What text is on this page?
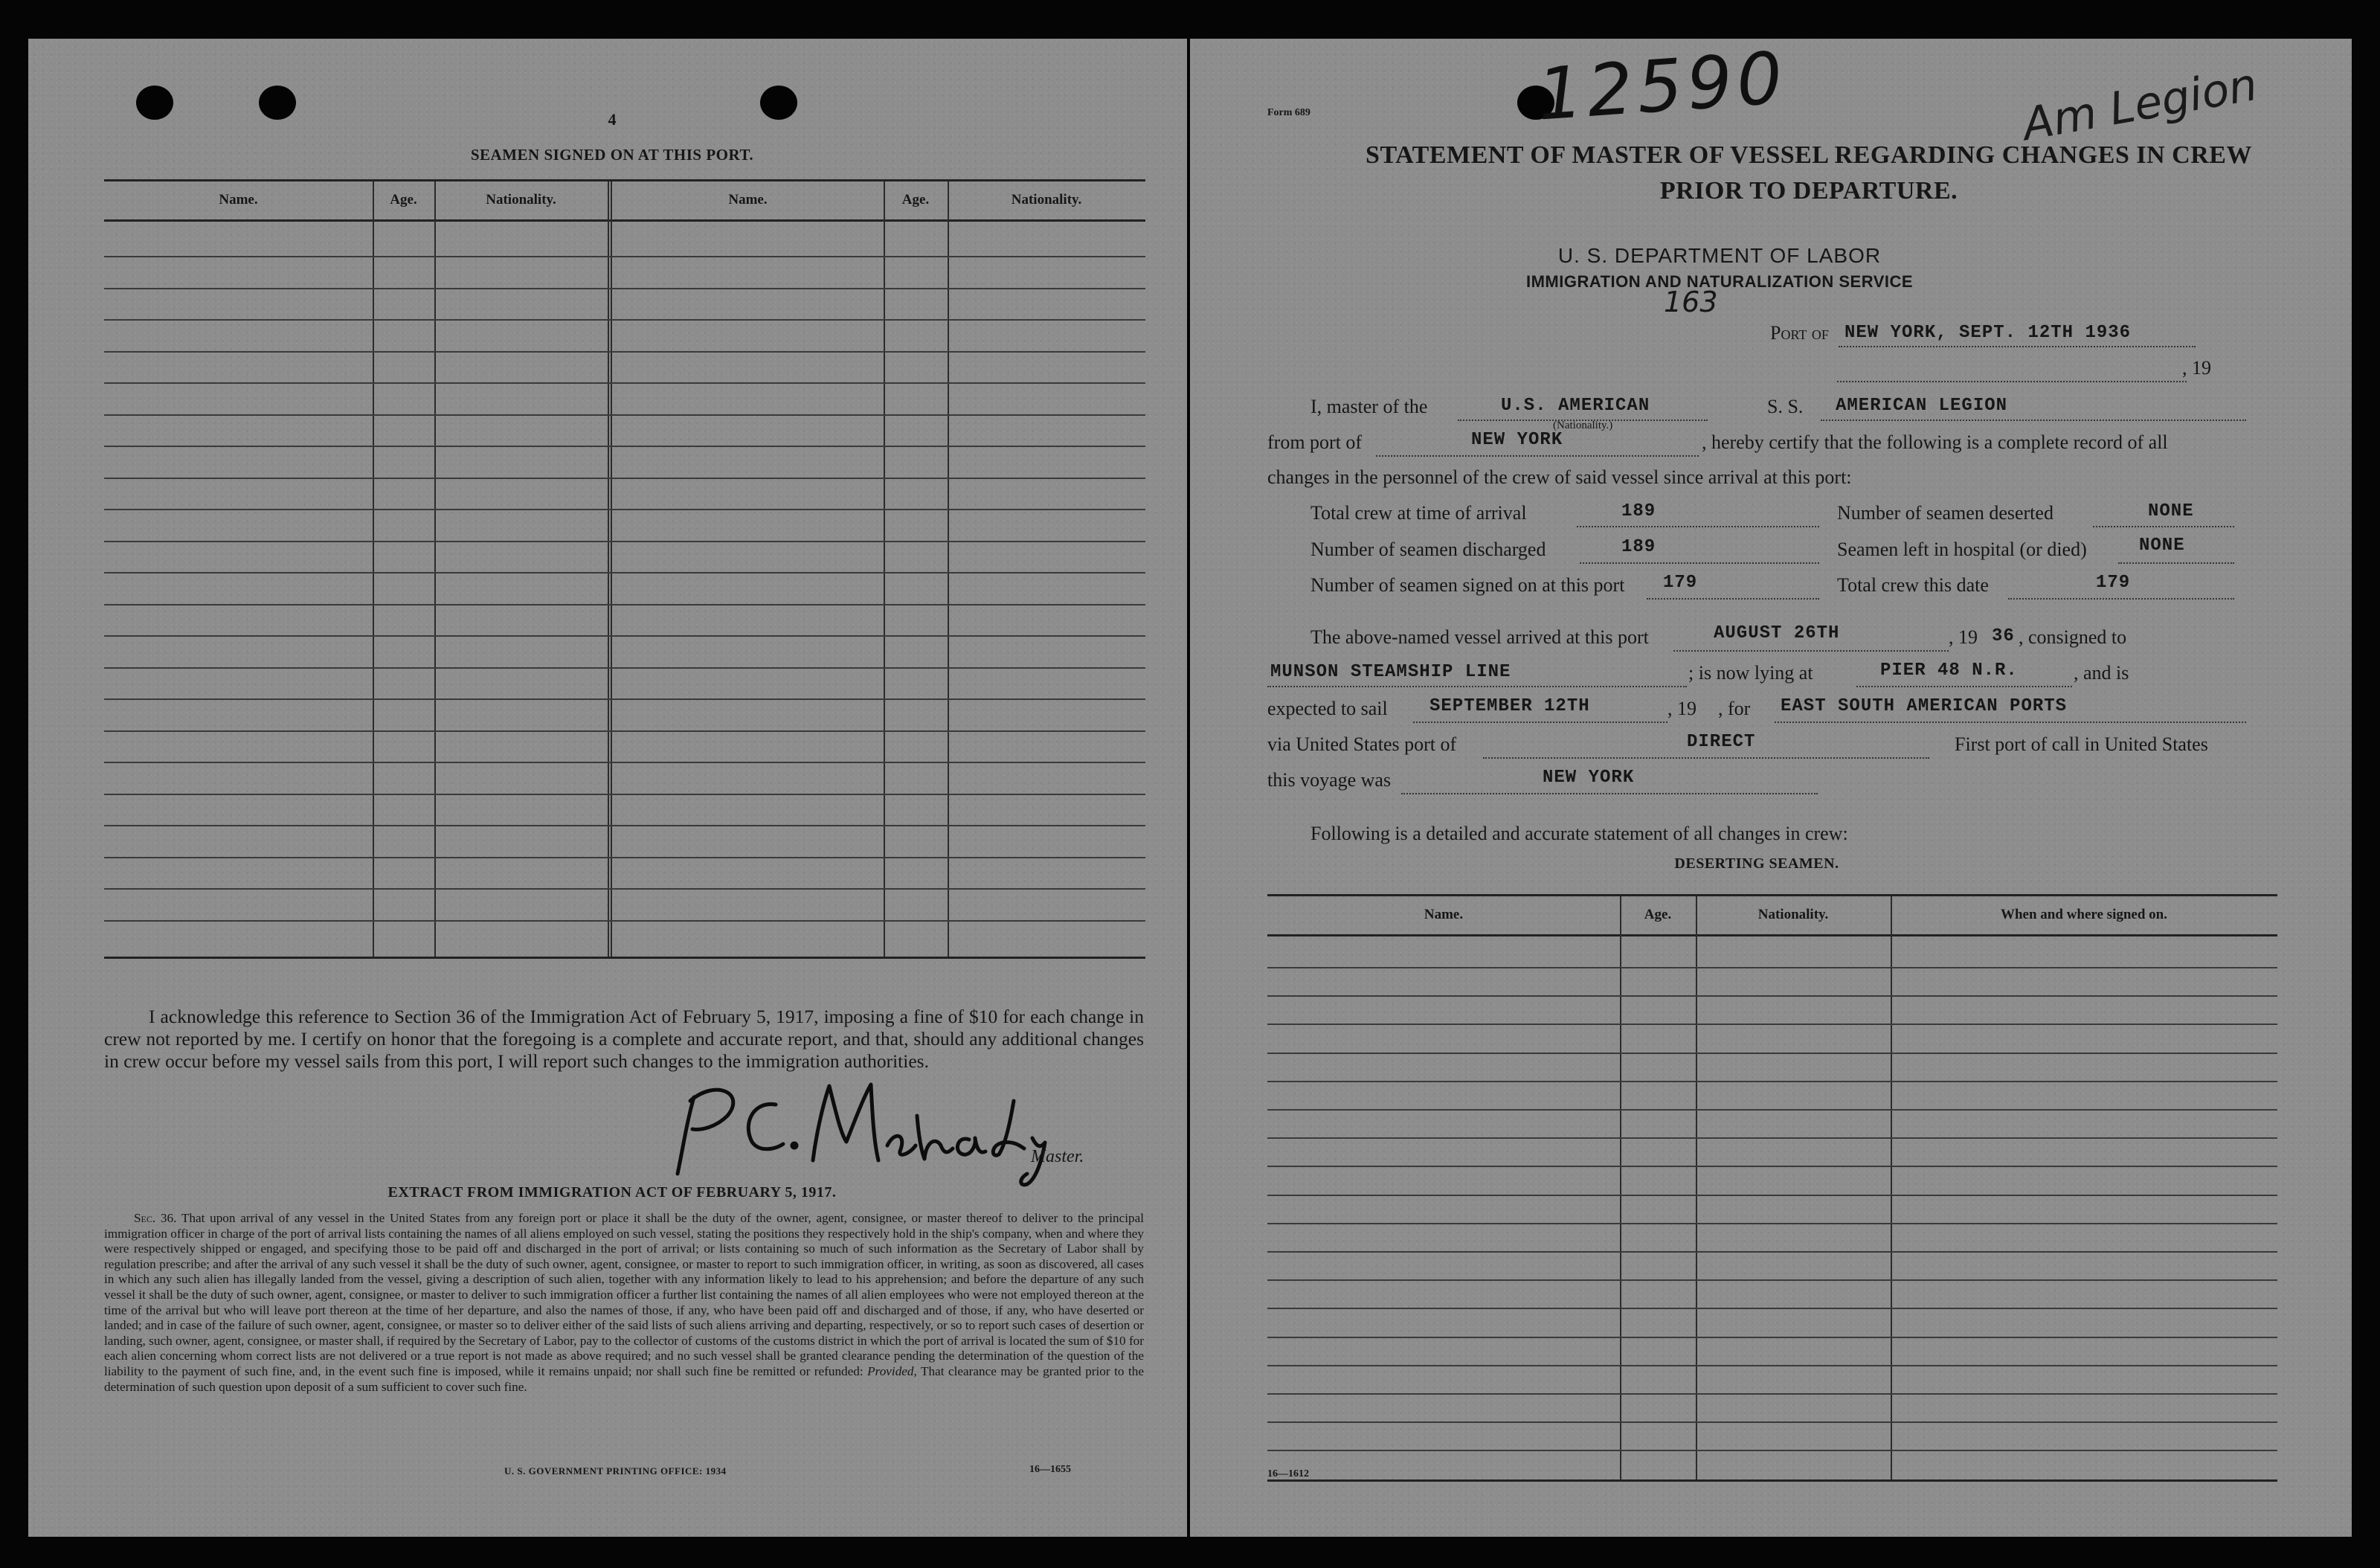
4
SEAMEN SIGNED ON AT THIS PORT.
Name.	Age.	Nationality.	Name.	Age.	Nationality.
I acknowledge this reference to Section 36 of the Immigration Act of February 5, 1917, imposing a fine of $10 for each change in crew not reported by me. I certify on honor that the foregoing is a complete and accurate report, and that, should any additional changes in crew occur before my vessel sails from this port, I will report such changes to the immigration authorities.
Master.
EXTRACT FROM IMMIGRATION ACT OF FEBRUARY 5, 1917.
Sec. 36. That upon arrival of any vessel in the United States from any foreign port or place it shall be the duty of the owner, agent, consignee, or master thereof to deliver to the principal immigration officer in charge of the port of arrival lists containing the names of all aliens employed on such vessel, stating the positions they respectively hold in the ship's company, when and where they were respectively shipped or engaged, and specifying those to be paid off and discharged in the port of arrival; or lists containing so much of such information as the Secretary of Labor shall by regulation prescribe; and after the arrival of any such vessel it shall be the duty of such owner, agent, consignee, or master to report to such immigration officer, in writing, as soon as discovered, all cases in which any such alien has illegally landed from the vessel, giving a description of such alien, together with any information likely to lead to his apprehension; and before the departure of any such vessel it shall be the duty of such owner, agent, consignee, or master to deliver to such immigration officer a further list containing the names of all alien employees who were not employed thereon at the time of the arrival but who will leave port thereon at the time of her departure, and also the names of those, if any, who have been paid off and discharged and of those, if any, who have deserted or landed; and in case of the failure of such owner, agent, consignee, or master so to deliver either of the said lists of such aliens arriving and departing, respectively, or so to report such cases of desertion or landing, such owner, agent, consignee, or master shall, if required by the Secretary of Labor, pay to the collector of customs of the customs district in which the port of arrival is located the sum of $10 for each alien concerning whom correct lists are not delivered or a true report is not made as above required; and no such vessel shall be granted clearance pending the determination of the question of the liability to the payment of such fine, and, in the event such fine is imposed, while it remains unpaid; nor shall such fine be remitted or refunded: Provided, That clearance may be granted prior to the determination of such question upon deposit of a sum sufficient to cover such fine.
U. S. GOVERNMENT PRINTING OFFICE: 1934	16—1655
12590	Am Legion
Form 689
STATEMENT OF MASTER OF VESSEL REGARDING CHANGES IN CREW
PRIOR TO DEPARTURE.
U. S. DEPARTMENT OF LABOR
IMMIGRATION AND NATURALIZATION SERVICE
163
Port of NEW YORK, SEPT. 12TH 1936
, 19
I, master of the	U.S. AMERICAN
(Nationality.)
S. S. AMERICAN LEGION
from port of	NEW YORK	, hereby certify that the following is a complete record of all
changes in the personnel of the crew of said vessel since arrival at this port:
Total crew at time of arrival	189
Number of seamen discharged	189
Number of seamen signed on at this port 179
Number of seamen deserted	NONE
Seamen left in hospital (or died)	NONE
Total crew this date	179
The above-named vessel arrived at this port	AUGUST 26TH	, 19 36 , consigned to
MUNSON STEAMSHIP LINE	; is now lying at	PIER 48 N.R.	, and is
expected to sail SEPTEMBER 12TH	, 19 , for EAST SOUTH AMERICAN PORTS
via United States port of	DIRECT	First port of call in United States
this voyage was	NEW YORK
Following is a detailed and accurate statement of all changes in crew:
DESERTING SEAMEN.
Name.	Age.	Nationality.	When and where signed on.
16—1612
